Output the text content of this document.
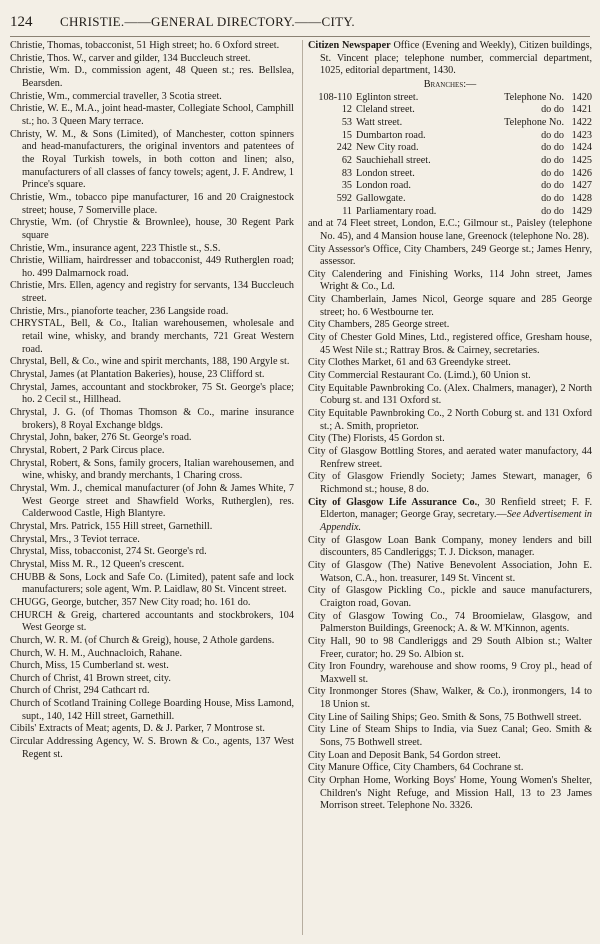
124 CHRISTIE.——GENERAL DIRECTORY.——CITY.

Christie, Thomas, tobacconist, 51 High street; ho. 6 Oxford street.

Christie, Thos. W., carver and gilder, 134 Buccleuch street.

Christie, Wm. D., commission agent, 48 Queen st.; res. Bellslea, Bearsden.

Christie, Wm., commercial traveller, 3 Scotia street.

Christie, W. E., M.A., joint head-master, Collegiate School, Camphill st.; ho. 3 Queen Mary terrace.

Christy, W. M., & Sons (Limited), of Manchester, cotton spinners and head-manufacturers, the original inventors and patentees of the Royal Turkish towels, in both cotton and linen; also, manufacturers of all classes of fancy towels; agent, J. F. Andrew, 1 Prince's square.

Christie, Wm., tobacco pipe manufacturer, 16 and 20 Craignestock street; house, 7 Somerville place.

Chrystie, Wm. (of Chrystie & Brownlee), house, 30 Regent Park square

Christie, Wm., insurance agent, 223 Thistle st., S.S.

Christie, William, hairdresser and tobacconist, 449 Rutherglen road; ho. 499 Dalmarnock road.

Christie, Mrs. Ellen, agency and registry for servants, 134 Buccleuch street.

Christie, Mrs., pianoforte teacher, 236 Langside road.

CHRYSTAL, Bell, & Co., Italian warehousemen, wholesale and retail wine, whisky, and brandy merchants, 721 Great Western road.

Chrystal, Bell, & Co., wine and spirit merchants, 188, 190 Argyle st.

Chrystal, James (at Plantation Bakeries), house, 23 Clifford st.

Chrystal, James, accountant and stockbroker, 75 St. George's place; ho. 2 Cecil st., Hillhead.

Chrystal, J. G. (of Thomas Thomson & Co., marine insurance brokers), 8 Royal Exchange bldgs.

Chrystal, John, baker, 276 St. George's road.

Chrystal, Robert, 2 Park Circus place.

Chrystal, Robert, & Sons, family grocers, Italian warehousemen, and wine, whisky, and brandy merchants, 1 Charing cross.

Chrystal, Wm. J., chemical manufacturer (of John & James White, 7 West George street and Shawfield Works, Rutherglen), res. Calderwood Castle, High Blantyre.

Chrystal, Mrs. Patrick, 155 Hill street, Garnethill.

Chrystal, Mrs., 3 Teviot terrace.

Chrystal, Miss, tobacconist, 274 St. George's rd.

Chrystal, Miss M. R., 12 Queen's crescent.

CHUBB & Sons, Lock and Safe Co. (Limited), patent safe and lock manufacturers; sole agent, Wm. P. Laidlaw, 80 St. Vincent street.

CHUGG, George, butcher, 357 New City road; ho. 161 do.

CHURCH & Greig, chartered accountants and stockbrokers, 104 West George st.

Church, W. R. M. (of Church & Greig), house, 2 Athole gardens.

Church, W. H. M., Auchnacloich, Rahane.

Church, Miss, 15 Cumberland st. west.

Church of Christ, 41 Brown street, city.

Church of Christ, 294 Cathcart rd.

Church of Scotland Training College Boarding House, Miss Lamond, supt., 140, 142 Hill street, Garnethill.

Cibils' Extracts of Meat; agents, D. & J. Parker, 7 Montrose st.

Circular Addressing Agency, W. S. Brown & Co., agents, 137 West Regent st.

Citizen Newspaper Office (Evening and Weekly), Citizen buildings, St. Vincent place; telephone number, commercial department, 1025, editorial department, 1430.

Branches:—
108-110 Eglinton street.	Telephone No. 1420
12 Cleland street.	do do 1421
53 Watt street.	Telephone No. 1422
15 Dumbarton road.	do do 1423
242 New City road.	do do 1424
62 Sauchiehall street.	do do 1425
83 London street.	do do 1426
35 London road.	do do 1427
592 Gallowgate.	do do 1428
11 Parliamentary road.	do do 1429

and at 74 Fleet street, London, E.C.; Gilmour st., Paisley (telephone No. 45), and 4 Mansion house lane, Greenock (telephone No. 28).

City Assessor's Office, City Chambers, 249 George st.; James Henry, assessor.

City Calendering and Finishing Works, 114 John street, James Wright & Co., Ld.

City Chamberlain, James Nicol, George square and 285 George street; ho. 6 Westbourne ter.

City Chambers, 285 George street.

City of Chester Gold Mines, Ltd., registered office, Gresham house, 45 West Nile st.; Rattray Bros. & Cairney, secretaries.

City Clothes Market, 61 and 63 Greendyke street.

City Commercial Restaurant Co. (Limd.), 60 Union st.

City Equitable Pawnbroking Co. (Alex. Chalmers, manager), 2 North Coburg st. and 131 Oxford st.

City Equitable Pawnbroking Co., 2 North Coburg st. and 131 Oxford st.; A. Smith, proprietor.

City (The) Florists, 45 Gordon st.

City of Glasgow Bottling Stores, and aerated water manufactory, 44 Renfrew street.

City of Glasgow Friendly Society; James Stewart, manager, 6 Richmond st.; house, 8 do.

City of Glasgow Life Assurance Co., 30 Renfield street; F. F. Elderton, manager; George Gray, secretary.—See Advertisement in Appendix.

City of Glasgow Loan Bank Company, money lenders and bill discounters, 85 Candleriggs; T. J. Dickson, manager.

City of Glasgow (The) Native Benevolent Association, John E. Watson, C.A., hon. treasurer, 149 St. Vincent st.

City of Glasgow Pickling Co., pickle and sauce manufacturers, Craigton road, Govan.

City of Glasgow Towing Co., 74 Broomielaw, Glasgow, and Palmerston Buildings, Greenock; A. & W. M'Kinnon, agents.

City Hall, 90 to 98 Candleriggs and 29 South Albion st.; Walter Freer, curator; ho. 29 So. Albion st.

City Iron Foundry, warehouse and show rooms, 9 Croy pl., head of Maxwell st.

City Ironmonger Stores (Shaw, Walker, & Co.), ironmongers, 14 to 18 Union st.

City Line of Sailing Ships; Geo. Smith & Sons, 75 Bothwell street.

City Line of Steam Ships to India, via Suez Canal; Geo. Smith & Sons, 75 Bothwell street.

City Loan and Deposit Bank, 54 Gordon street.

City Manure Office, City Chambers, 64 Cochrane st.

City Orphan Home, Working Boys' Home, Young Women's Shelter, Children's Night Refuge, and Mission Hall, 13 to 23 James Morrison street. Telephone No. 3326.
